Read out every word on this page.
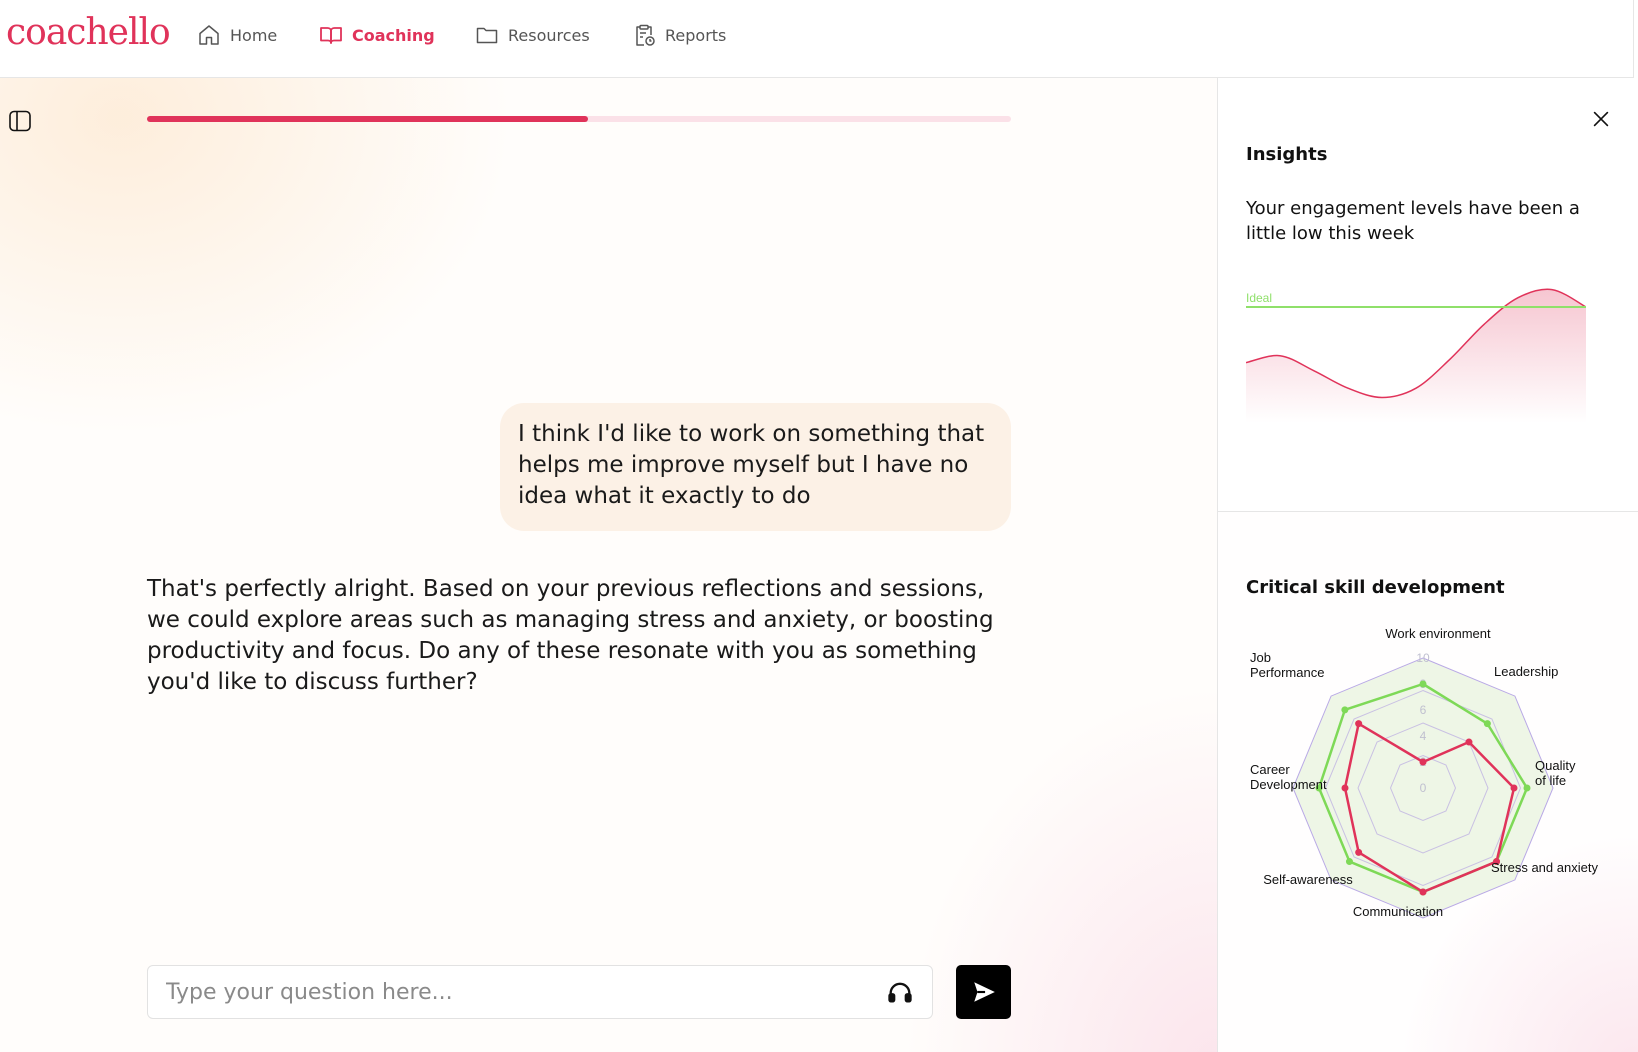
coachello	Home	Coaching	Resources	Reports
I think I'd like to work on something that helps me improve myself but I have no idea what it exactly to do
That's perfectly alright. Based on your previous reflections and sessions, we could explore areas such as managing stress and anxiety, or boosting productivity and focus. Do any of these resonate with you as something you'd like to discuss further?
Type your question here...
Insights
Your engagement levels have been a little low this week
Ideal
Critical skill development
0
4
6
10
Work environment
Leadership
Quality of life
Stress and anxiety
Communication
Self-awareness
Career Development
Job Performance
